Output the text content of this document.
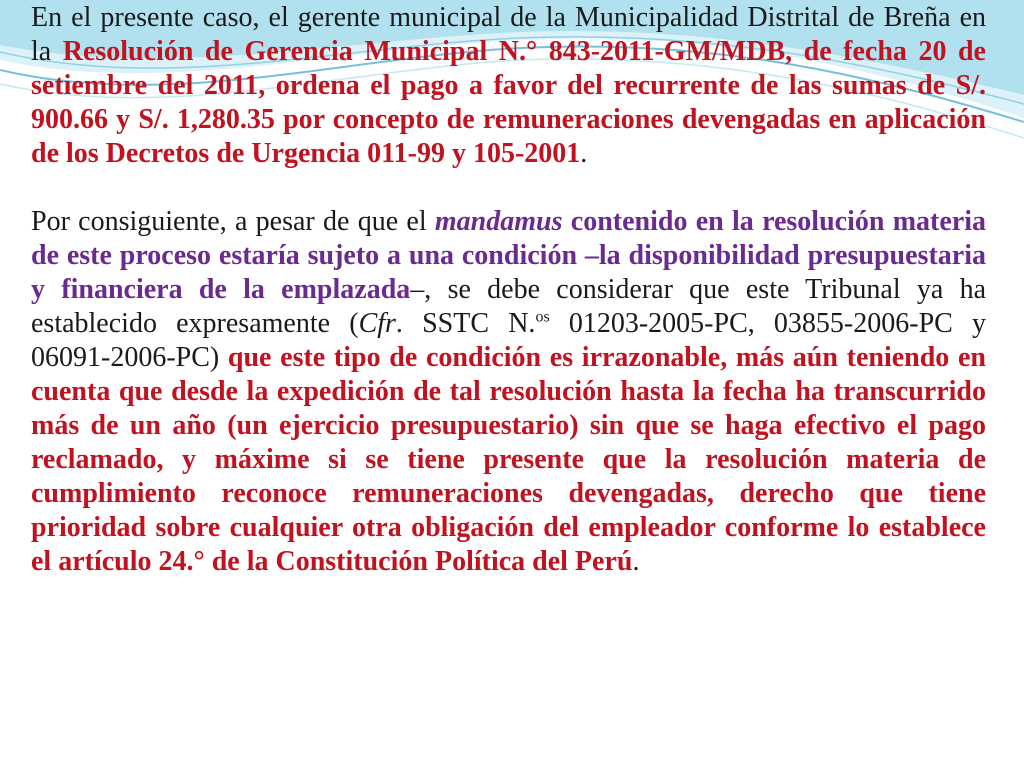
En el presente caso, el gerente municipal de la Municipalidad Distrital de Breña en la Resolución de Gerencia Municipal N.° 843-2011-GM/MDB, de fecha 20 de setiembre del 2011, ordena el pago a favor del recurrente de las sumas de S/. 900.66 y S/. 1,280.35 por concepto de remuneraciones devengadas en aplicación de los Decretos de Urgencia 011-99 y 105-2001.

Por consiguiente, a pesar de que el mandamus contenido en la resolución materia de este proceso estaría sujeto a una condición –la disponibilidad presupuestaria y financiera de la emplazada–, se debe considerar que este Tribunal ya ha establecido expresamente (Cfr. SSTC N.$^{os}$ 01203-2005-PC, 03855-2006-PC y 06091-2006-PC) que este tipo de condición es irrazonable, más aún teniendo en cuenta que desde la expedición de tal resolución hasta la fecha ha transcurrido más de un año (un ejercicio presupuestario) sin que se haga efectivo el pago reclamado, y máxime si se tiene presente que la resolución materia de cumplimiento reconoce remuneraciones devengadas, derecho que tiene prioridad sobre cualquier otra obligación del empleador conforme lo establece el artículo 24.° de la Constitución Política del Perú.
